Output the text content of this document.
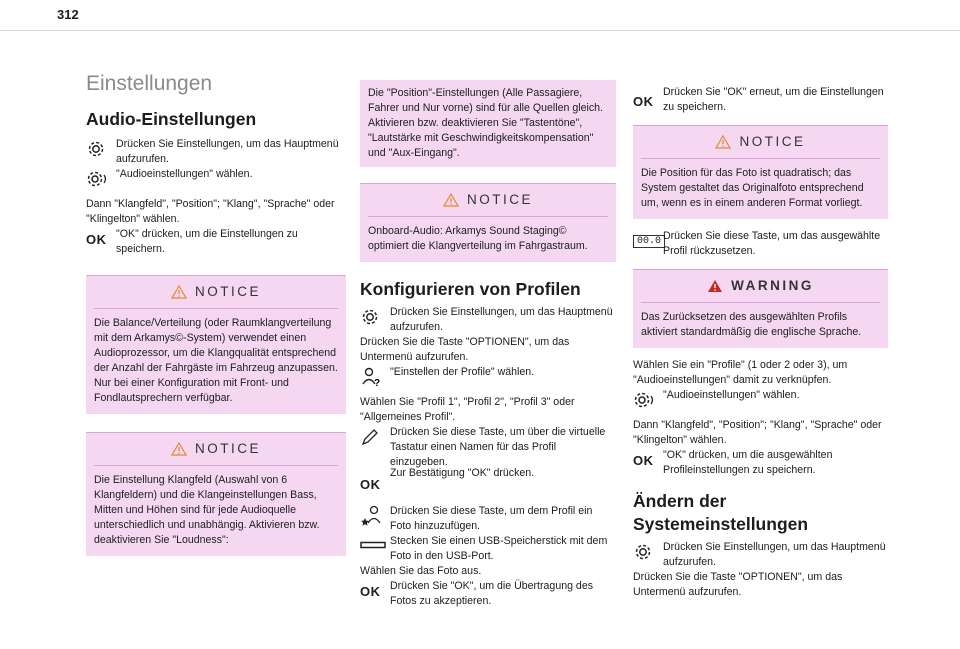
312
Einstellungen
Audio-Einstellungen

Drücken Sie Einstellungen, um das Hauptmenü aufzurufen.

"Audioeinstellungen" wählen.

Dann "Klangfeld", "Position"; "Klang", "Sprache" oder "Klingelton" wählen.

OK "OK" drücken, um die Einstellungen zu speichern.

NOTICE

Die Balance/Verteilung (oder Raumklangverteilung mit dem Arkamys©-System) verwendet einen Audioprozessor, um die Klangqualität entsprechend der Anzahl der Fahrgäste im Fahrzeug anzupassen. Nur bei einer Konfiguration mit Front- und Fondlautsprechern verfügbar.

NOTICE

Die Einstellung Klangfeld (Auswahl von 6 Klangfeldern) und die Klangeinstellungen Bass, Mitten und Höhen sind für jede Audioquelle unterschiedlich und unabhängig. Aktivieren bzw. deaktivieren Sie "Loudness":

Die "Position"-Einstellungen (Alle Passagiere, Fahrer und Nur vorne) sind für alle Quellen gleich. Aktivieren bzw. deaktivieren Sie "Tastentöne", "Lautstärke mit Geschwindigkeitskompensation" und "Aux-Eingang".

NOTICE

Onboard-Audio: Arkamys Sound Staging© optimiert die Klangverteilung im Fahrgastraum.

Konfigurieren von Profilen

Drücken Sie Einstellungen, um das Hauptmenü aufzurufen.

Drücken Sie die Taste "OPTIONEN", um das Untermenü aufzurufen.

?

"Einstellen der Profile" wählen.

Wählen Sie "Profil 1", "Profil 2", "Profil 3" oder "Allgemeines Profil".

Drücken Sie diese Taste, um über die virtuelle Tastatur einen Namen für das Profil einzugeben.

OK

Zur Bestätigung "OK" drücken.

Drücken Sie diese Taste, um dem Profil ein Foto hinzuzufügen.

Stecken Sie einen USB-Speicherstick mit dem Foto in den USB-Port.

Wählen Sie das Foto aus.

OK Drücken Sie "OK", um die Übertragung des Fotos zu akzeptieren.

OK

Drücken Sie "OK" erneut, um die Einstellungen zu speichern.

NOTICE

Die Position für das Foto ist quadratisch; das System gestaltet das Originalfoto entsprechend um, wenn es in einem anderen Format vorliegt.

00.0 Drücken Sie diese Taste, um das ausgewählte Profil rückzusetzen.

WARNING

Das Zurücksetzen des ausgewählten Profils aktiviert standardmäßig die englische Sprache.

Wählen Sie ein "Profile" (1 oder 2 oder 3), um "Audioeinstellungen" damit zu verknüpfen.

"Audioeinstellungen" wählen.

Dann "Klangfeld", "Position"; "Klang", "Sprache" oder "Klingelton" wählen.

OK "OK" drücken, um die ausgewählten Profileinstellungen zu speichern.

Ändern der Systemeinstellungen

Drücken Sie Einstellungen, um das Hauptmenü aufzurufen.

Drücken Sie die Taste "OPTIONEN", um das Untermenü aufzurufen.
